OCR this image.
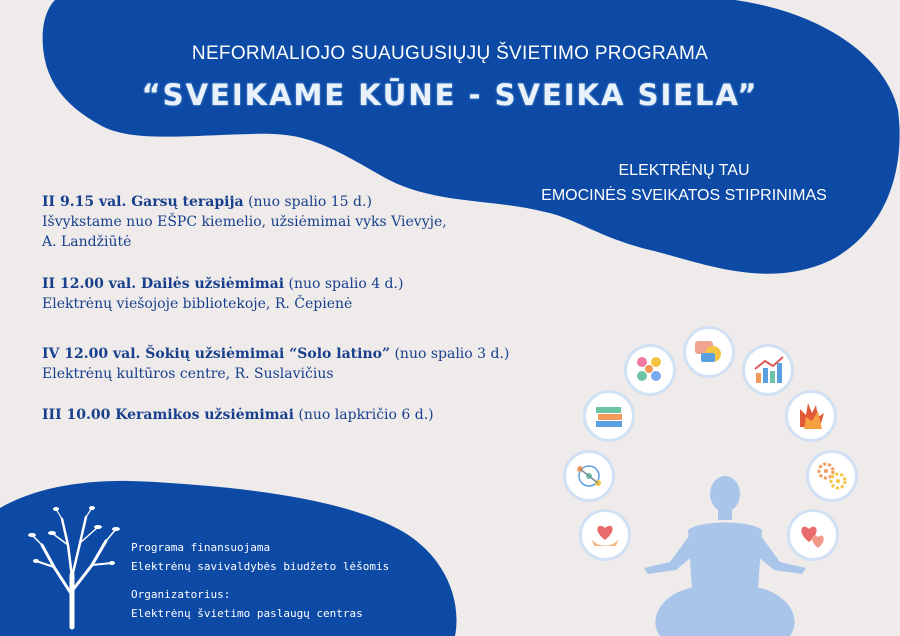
NEFORMALIOJO SUAUGUSIŲJŲ ŠVIETIMO PROGRAMA
“SVEIKAME KŪNE - SVEIKA SIELA”
ELEKTRĖNŲ TAU
EMOCINĖS SVEIKATOS STIPRINIMAS
II 9.15 val. Garsų terapija (nuo spalio 15 d.)
Išvykstame nuo EŠPC kiemelio, užsiėmimai vyks Vievyje,
A. Landžiūtė
II 12.00 val. Dailės užsiėmimai (nuo spalio 4 d.)
Elektrėnų viešojoje bibliotekoje, R. Čepienė
IV 12.00 val. Šokių užsiėmimai “Solo latino” (nuo spalio 3 d.)
Elektrėnų kultūros centre, R. Suslavičius
III 10.00 Keramikos užsiėmimai (nuo lapkričio 6 d.)
Programa finansuojama
Elektrėnų savivaldybės biudžeto lėšomis
Organizatorius:
Elektrėnų švietimo paslaugų centras
